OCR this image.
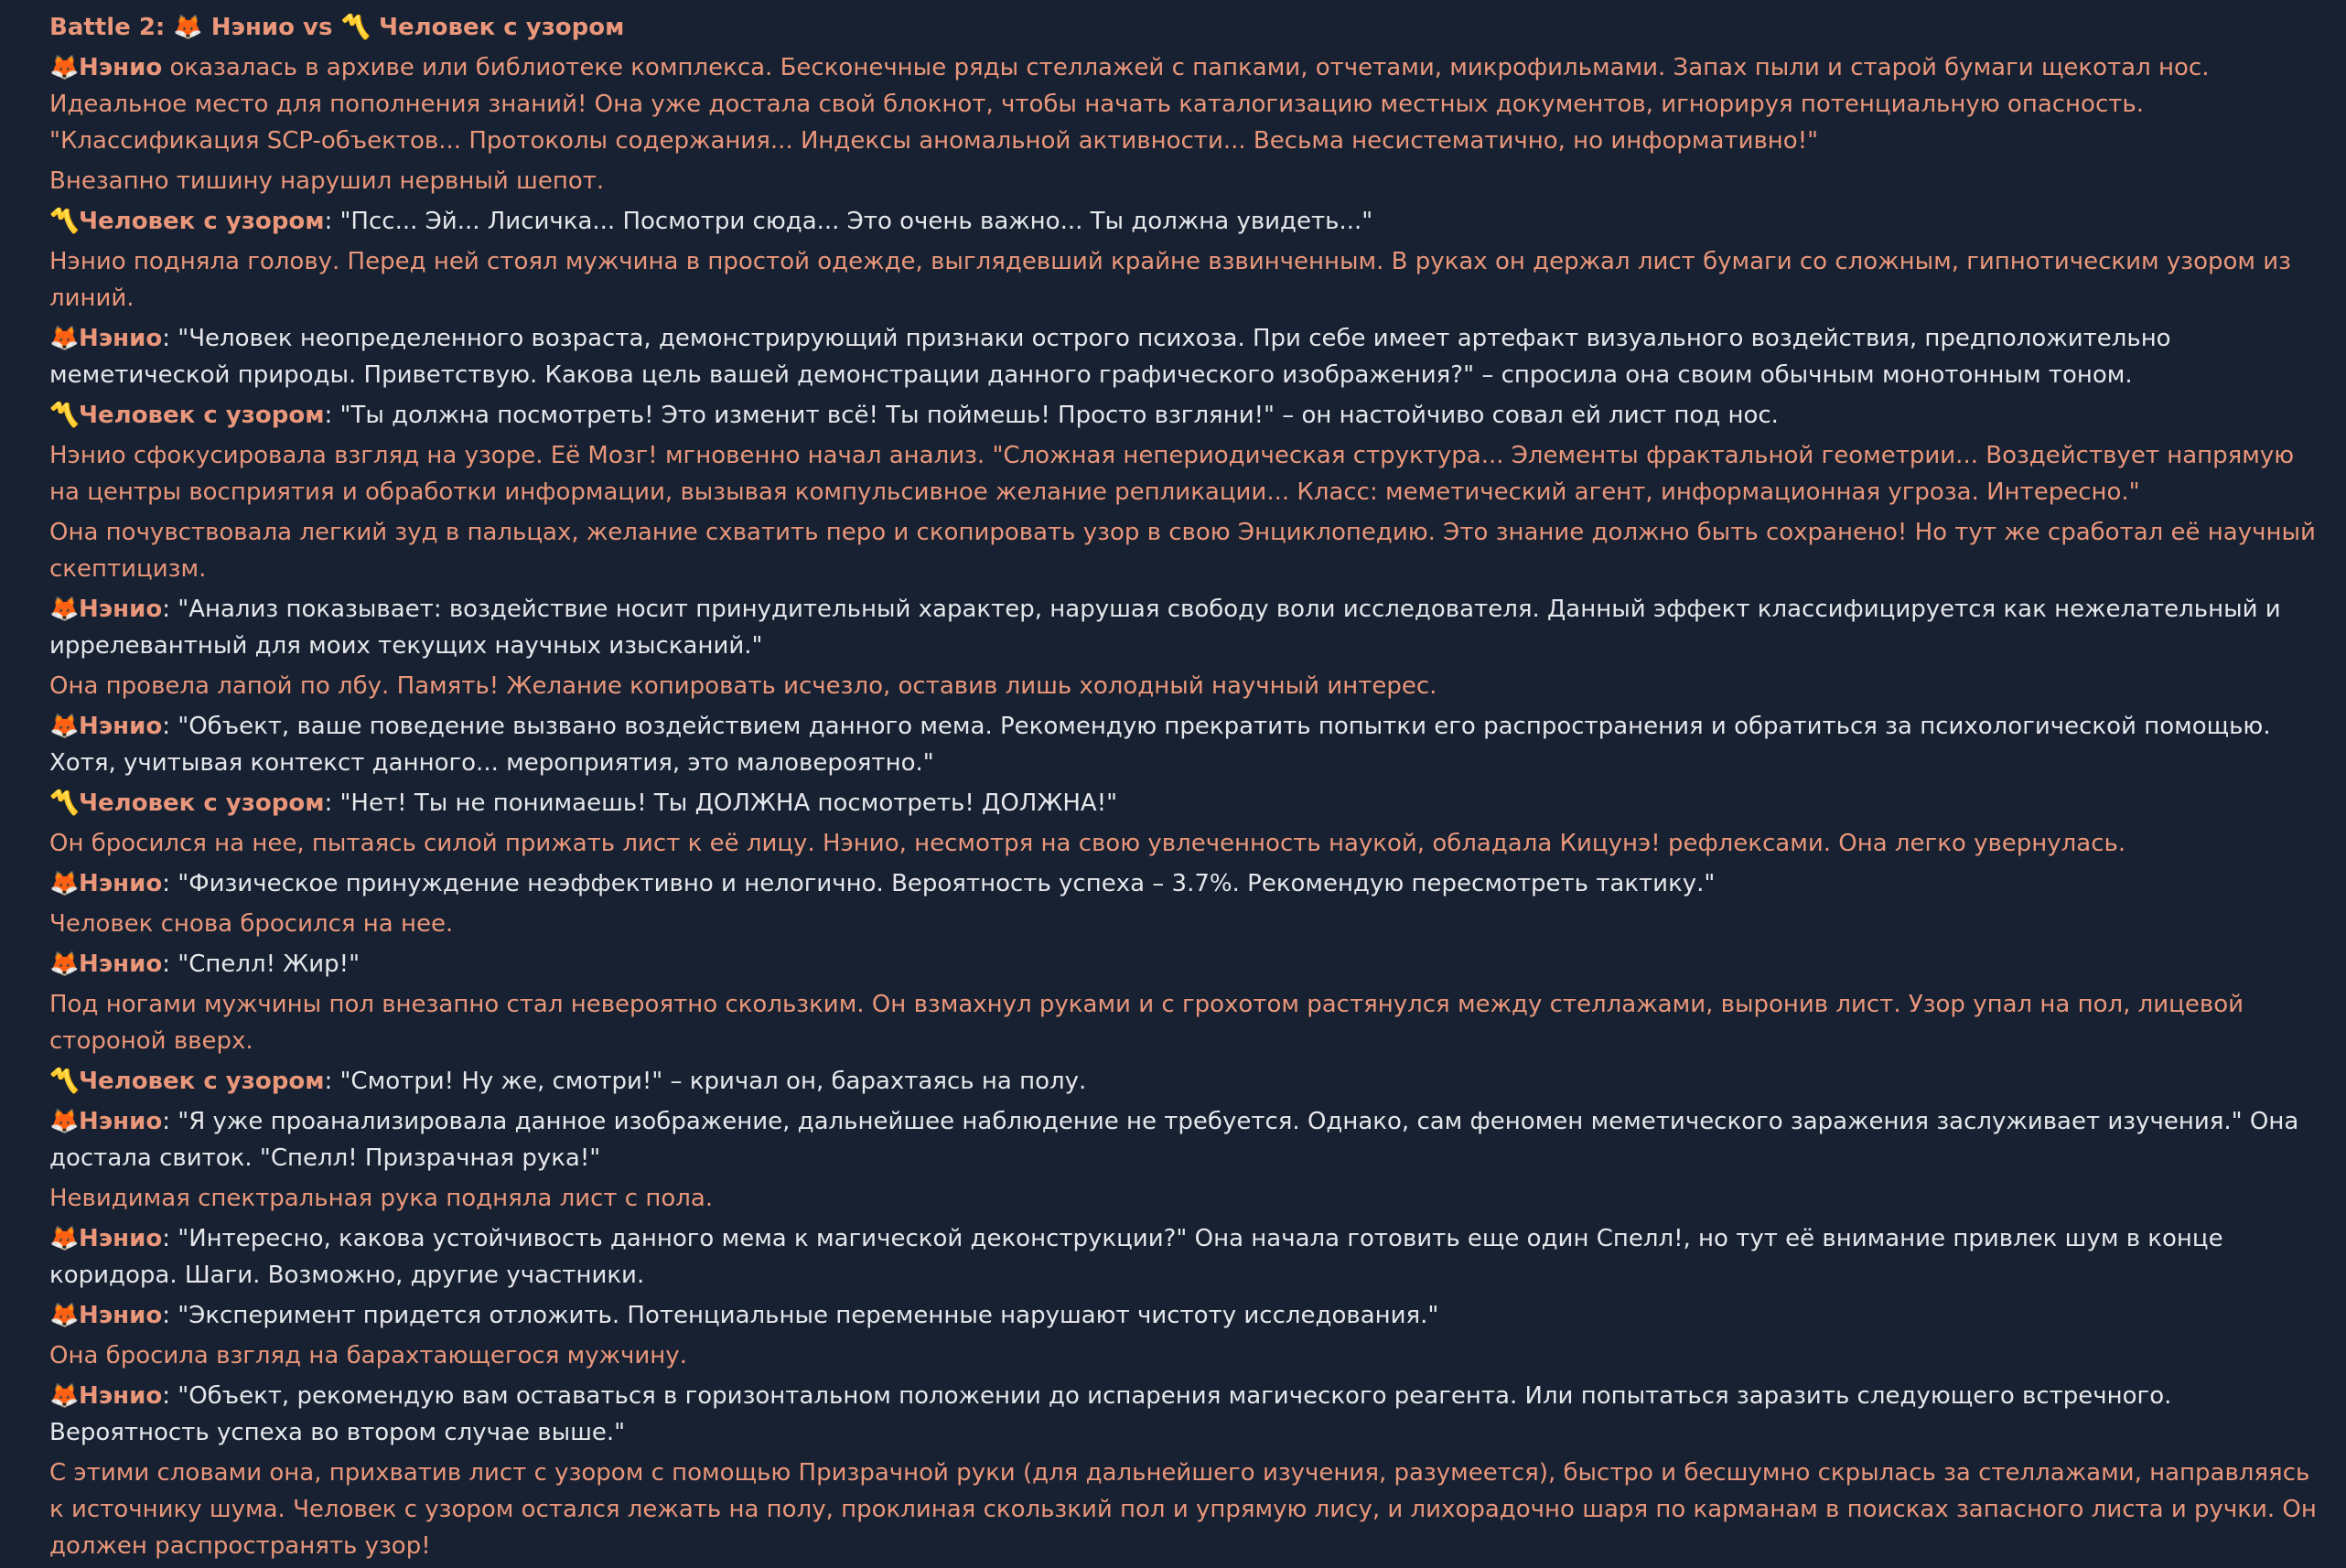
Battle 2: 🦊 Нэнио vs 〽️ Человек с узором

🦊Нэнио оказалась в архиве или библиотеке комплекса. Бесконечные ряды стеллажей с папками, отчетами, микрофильмами. Запах пыли и старой бумаги щекотал нос. Идеальное место для пополнения знаний! Она уже достала свой блокнот, чтобы начать каталогизацию местных документов, игнорируя потенциальную опасность. "Классификация SCP-объектов... Протоколы содержания... Индексы аномальной активности... Весьма несистематично, но информативно!"

Внезапно тишину нарушил нервный шепот.

〽️Человек с узором: "Псс... Эй... Лисичка... Посмотри сюда... Это очень важно... Ты должна увидеть..."

Нэнио подняла голову. Перед ней стоял мужчина в простой одежде, выглядевший крайне взвинченным. В руках он держал лист бумаги со сложным, гипнотическим узором из линий.

🦊Нэнио: "Человек неопределенного возраста, демонстрирующий признаки острого психоза. При себе имеет артефакт визуального воздействия, предположительно меметической природы. Приветствую. Какова цель вашей демонстрации данного графического изображения?" – спросила она своим обычным монотонным тоном.

〽️Человек с узором: "Ты должна посмотреть! Это изменит всё! Ты поймешь! Просто взгляни!" – он настойчиво совал ей лист под нос.

Нэнио сфокусировала взгляд на узоре. Её Мозг! мгновенно начал анализ. "Сложная непериодическая структура... Элементы фрактальной геометрии... Воздействует напрямую на центры восприятия и обработки информации, вызывая компульсивное желание репликации... Класс: меметический агент, информационная угроза. Интересно."

Она почувствовала легкий зуд в пальцах, желание схватить перо и скопировать узор в свою Энциклопедию. Это знание должно быть сохранено! Но тут же сработал её научный скептицизм.

🦊Нэнио: "Анализ показывает: воздействие носит принудительный характер, нарушая свободу воли исследователя. Данный эффект классифицируется как нежелательный и иррелевантный для моих текущих научных изысканий."

Она провела лапой по лбу. Память! Желание копировать исчезло, оставив лишь холодный научный интерес.

🦊Нэнио: "Объект, ваше поведение вызвано воздействием данного мема. Рекомендую прекратить попытки его распространения и обратиться за психологической помощью. Хотя, учитывая контекст данного... мероприятия, это маловероятно."

〽️Человек с узором: "Нет! Ты не понимаешь! Ты ДОЛЖНА посмотреть! ДОЛЖНА!"

Он бросился на нее, пытаясь силой прижать лист к её лицу. Нэнио, несмотря на свою увлеченность наукой, обладала Кицунэ! рефлексами. Она легко увернулась.

🦊Нэнио: "Физическое принуждение неэффективно и нелогично. Вероятность успеха – 3.7%. Рекомендую пересмотреть тактику."

Человек снова бросился на нее.

🦊Нэнио: "Спелл! Жир!"

Под ногами мужчины пол внезапно стал невероятно скользким. Он взмахнул руками и с грохотом растянулся между стеллажами, выронив лист. Узор упал на пол, лицевой стороной вверх.

〽️Человек с узором: "Смотри! Ну же, смотри!" – кричал он, барахтаясь на полу.

🦊Нэнио: "Я уже проанализировала данное изображение, дальнейшее наблюдение не требуется. Однако, сам феномен меметического заражения заслуживает изучения." Она достала свиток. "Спелл! Призрачная рука!"

Невидимая спектральная рука подняла лист с пола.

🦊Нэнио: "Интересно, какова устойчивость данного мема к магической деконструкции?" Она начала готовить еще один Спелл!, но тут её внимание привлек шум в конце коридора. Шаги. Возможно, другие участники.

🦊Нэнио: "Эксперимент придется отложить. Потенциальные переменные нарушают чистоту исследования."

Она бросила взгляд на барахтающегося мужчину.

🦊Нэнио: "Объект, рекомендую вам оставаться в горизонтальном положении до испарения магического реагента. Или попытаться заразить следующего встречного. Вероятность успеха во втором случае выше."

С этими словами она, прихватив лист с узором с помощью Призрачной руки (для дальнейшего изучения, разумеется), быстро и бесшумно скрылась за стеллажами, направляясь к источнику шума. Человек с узором остался лежать на полу, проклиная скользкий пол и упрямую лису, и лихорадочно шаря по карманам в поисках запасного листа и ручки. Он должен распространять узор!
